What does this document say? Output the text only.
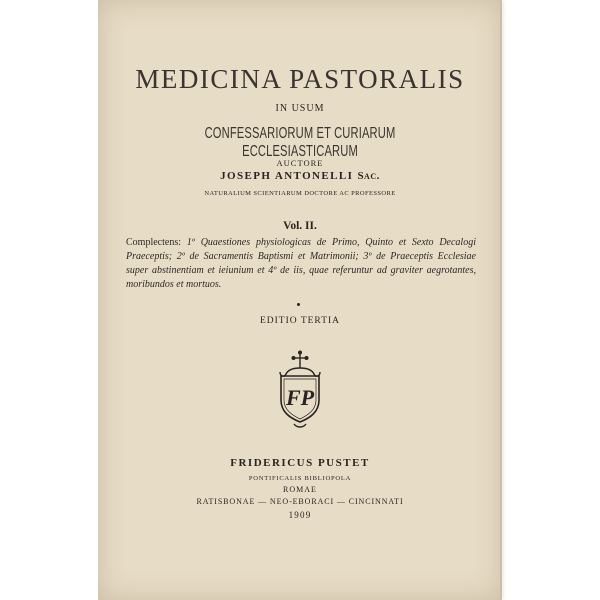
MEDICINA PASTORALIS
IN USUM
CONFESSARIORUM ET CURIARUM ECCLESIASTICARUM
AUCTORE
JOSEPH ANTONELLI Sac.
NATURALIUM SCIENTIARUM DOCTORE AC PROFESSORE
Vol. II.
Complectens: 1º Quaestiones physiologicas de Primo, Quinto et Sexto Decalogi Praeceptis; 2º de Sacramentis Baptismi et Matrimonii; 3º de Praeceptis Ecclesiae super abstinentiam et ieiunium et 4º de iis, quae referuntur ad graviter aegrotantes, moribundos et mortuos.
EDITIO TERTIA
FP
FRIDERICUS PUSTET
PONTIFICALIS BIBLIOPOLA
ROMAE
RATISBONAE — NEO-EBORACI — CINCINNATI
1909
